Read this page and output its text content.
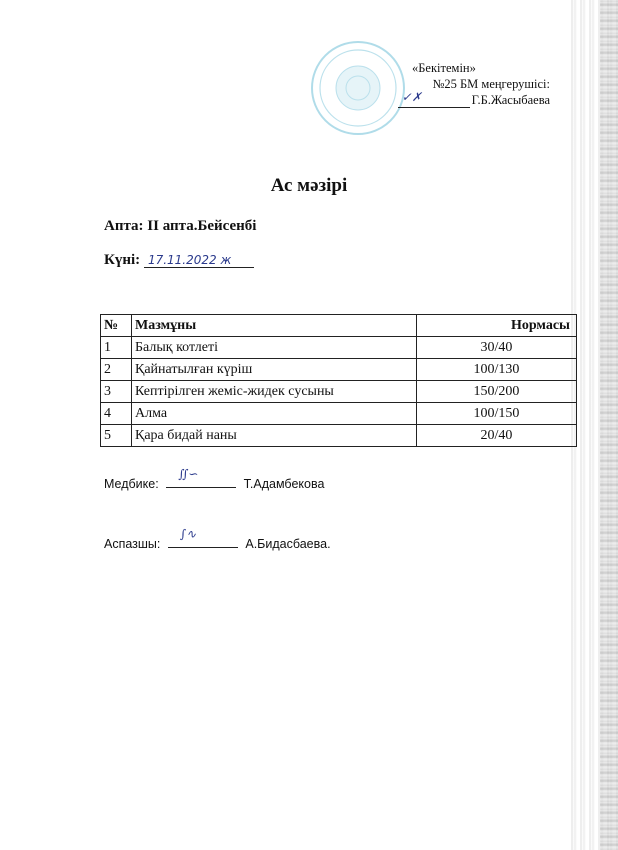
«Бекітемін»
№25 БМ меңгерушісі:
✓✗	Г.Б.Жасыбаева
Ас мәзірі
Апта: ІІ апта.Бейсенбі
Күні: 17.11.2022 ж
№	Мазмұны	Нормасы
1	Балық котлеті	30/40
2	Қайнатылған күріш	100/130
3	Кептірілген жеміс-жидек сусыны	150/200
4	Алма	100/150
5	Қара бидай наны	20/40
Медбике:
∬∽
Т.Адамбекова
Аспазшы:
∫∿
А.Бидасбаева.
